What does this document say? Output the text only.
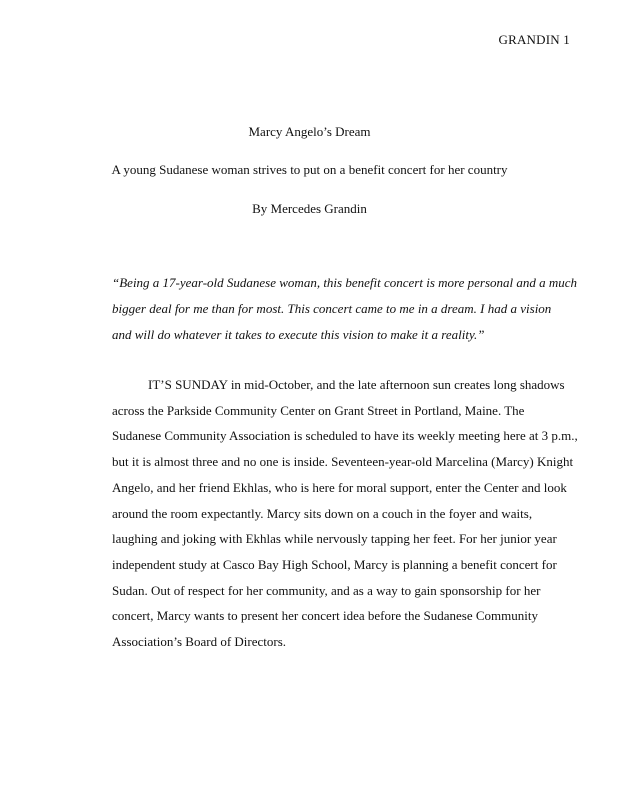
GRANDIN 1
Marcy Angelo’s Dream
A young Sudanese woman strives to put on a benefit concert for her country
By Mercedes Grandin
“Being a 17-year-old Sudanese woman, this benefit concert is more personal and a much
bigger deal for me than for most. This concert came to me in a dream. I had a vision
and will do whatever it takes to execute this vision to make it a reality.”
IT’S SUNDAY in mid-October, and the late afternoon sun creates long shadows
across the Parkside Community Center on Grant Street in Portland, Maine. The
Sudanese Community Association is scheduled to have its weekly meeting here at 3 p.m.,
but it is almost three and no one is inside. Seventeen-year-old Marcelina (Marcy) Knight
Angelo, and her friend Ekhlas, who is here for moral support, enter the Center and look
around the room expectantly. Marcy sits down on a couch in the foyer and waits,
laughing and joking with Ekhlas while nervously tapping her feet. For her junior year
independent study at Casco Bay High School, Marcy is planning a benefit concert for
Sudan. Out of respect for her community, and as a way to gain sponsorship for her
concert, Marcy wants to present her concert idea before the Sudanese Community
Association’s Board of Directors.
